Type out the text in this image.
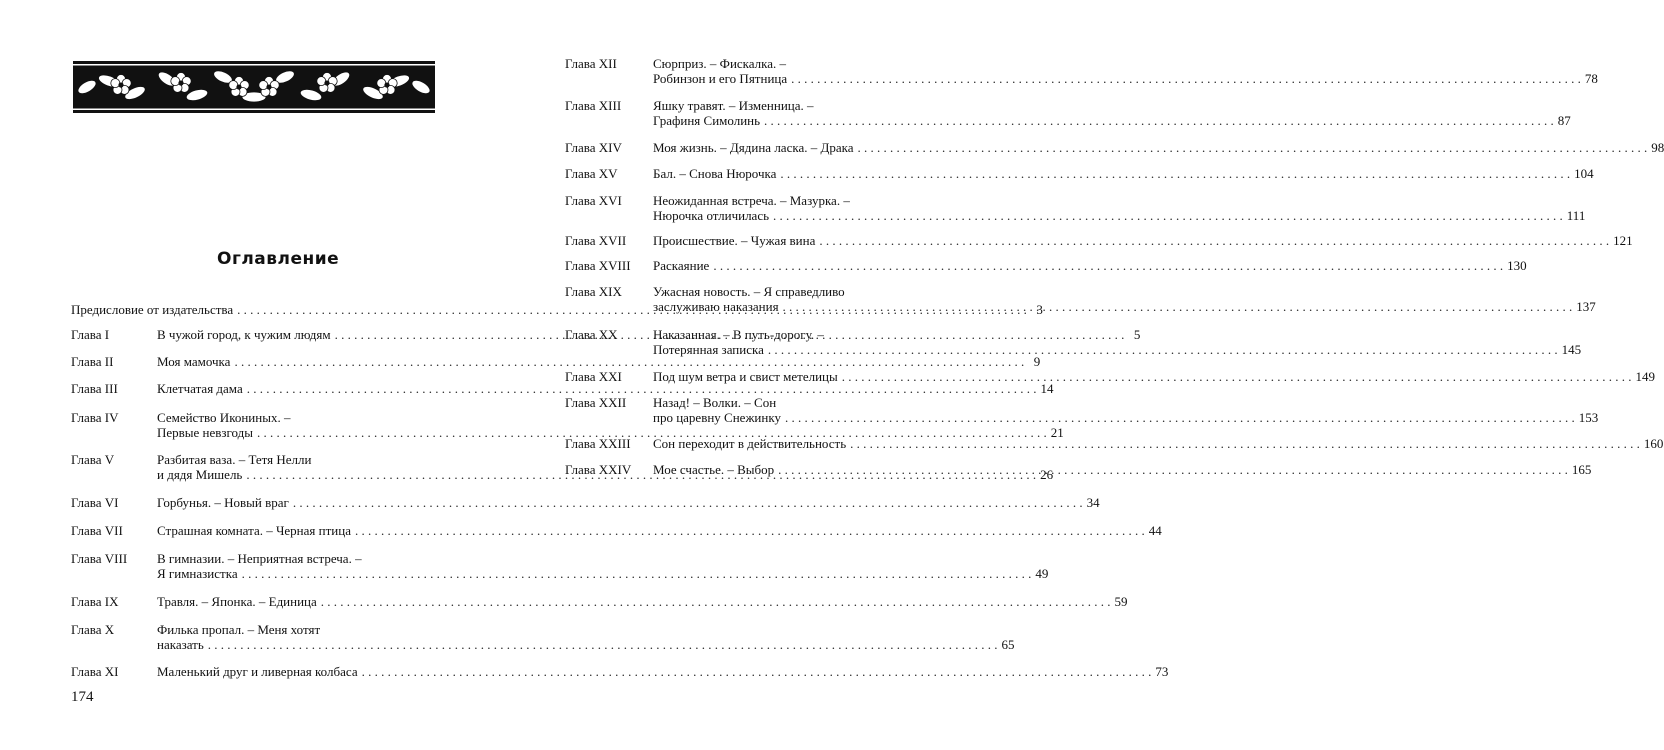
Оглавление
Предисловие от издательства . . .	3
Глава I	В чужой город, к чужим людям . . .	5
Глава II	Моя мамочка . . .	9
Глава III	Клетчатая дама . . .	14
Глава IV	Семейство Икониных. –
Первые невзгоды . . .	21
Глава V	Разбитая ваза. – Тетя Нелли
и дядя Мишель . . .	26
Глава VI	Горбунья. – Новый враг . . .	34
Глава VII	Страшная комната. – Черная птица . . .	44
Глава VIII	В гимназии. – Неприятная встреча. –
Я гимназистка . . .	49
Глава IX	Травля. – Японка. – Единица . . .	59
Глава X	Филька пропал. – Меня хотят
наказать . . .	65
Глава XI	Маленький друг и ливерная колбаса . . .	73
174
Глава XII	Сюрприз. – Фискалка. –
Робинзон и его Пятница . . .	78
Глава XIII	Яшку травят. – Изменница. –
Графиня Симолинь . . .	87
Глава XIV	Моя жизнь. – Дядина ласка. – Драка . . .	98
Глава XV	Бал. – Снова Нюрочка . . .	104
Глава XVI	Неожиданная встреча. – Мазурка. –
Нюрочка отличилась . . .	111
Глава XVII	Происшествие. – Чужая вина . . .	121
Глава XVIII	Раскаяние . . .	130
Глава XIX	Ужасная новость. – Я справедливо
заслуживаю наказания . . .	137
Глава XX	Наказанная. – В путь-дорогу. –
Потерянная записка . . .	145
Глава XXI	Под шум ветра и свист метелицы . . .	149
Глава XXII	Назад! – Волки. – Сон
про царевну Снежинку . . .	153
Глава XXIII	Сон переходит в действительность . . .	160
Глава XXIV	Мое счастье. – Выбор . . .	165
